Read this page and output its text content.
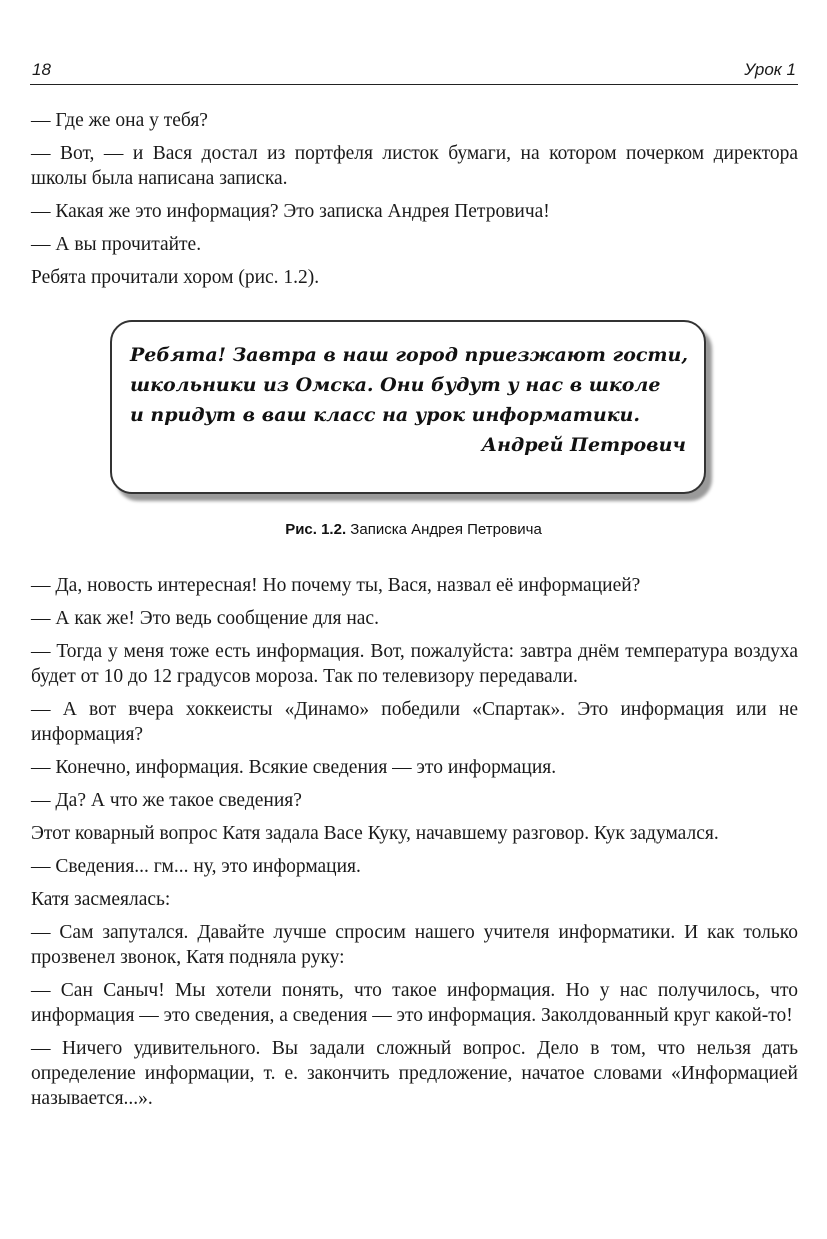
18	Урок 1

— Где же она у тебя?

— Вот, — и Вася достал из портфеля листок бумаги, на котором почерком директора школы была написана записка.

— Какая же это информация? Это записка Андрея Петровича!

— А вы прочитайте.

Ребята прочитали хором (рис. 1.2).

Ребята! Завтра в наш город приезжают гости,
школьники из Омска. Они будут у нас в школе
и придут в ваш класс на урок информатики.
Андрей Петрович
Рис. 1.2. Записка Андрея Петровича

— Да, новость интересная! Но почему ты, Вася, назвал её информацией?

— А как же! Это ведь сообщение для нас.

— Тогда у меня тоже есть информация. Вот, пожалуйста: завтра днём температура воздуха будет от 10 до 12 градусов мороза. Так по телевизору передавали.

— А вот вчера хоккеисты «Динамо» победили «Спартак». Это информация или не информация?

— Конечно, информация. Всякие сведения — это информация.

— Да? А что же такое сведения?

Этот коварный вопрос Катя задала Васе Куку, начавшему разговор. Кук задумался.

— Сведения... гм... ну, это информация.

Катя засмеялась:

— Сам запутался. Давайте лучше спросим нашего учителя информатики. И как только прозвенел звонок, Катя подняла руку:

— Сан Саныч! Мы хотели понять, что такое информация. Но у нас получилось, что информация — это сведения, а сведения — это информация. Заколдованный круг какой-то!

— Ничего удивительного. Вы задали сложный вопрос. Дело в том, что нельзя дать определение информации, т. е. закончить предложение, начатое словами «Информацией называется...».
